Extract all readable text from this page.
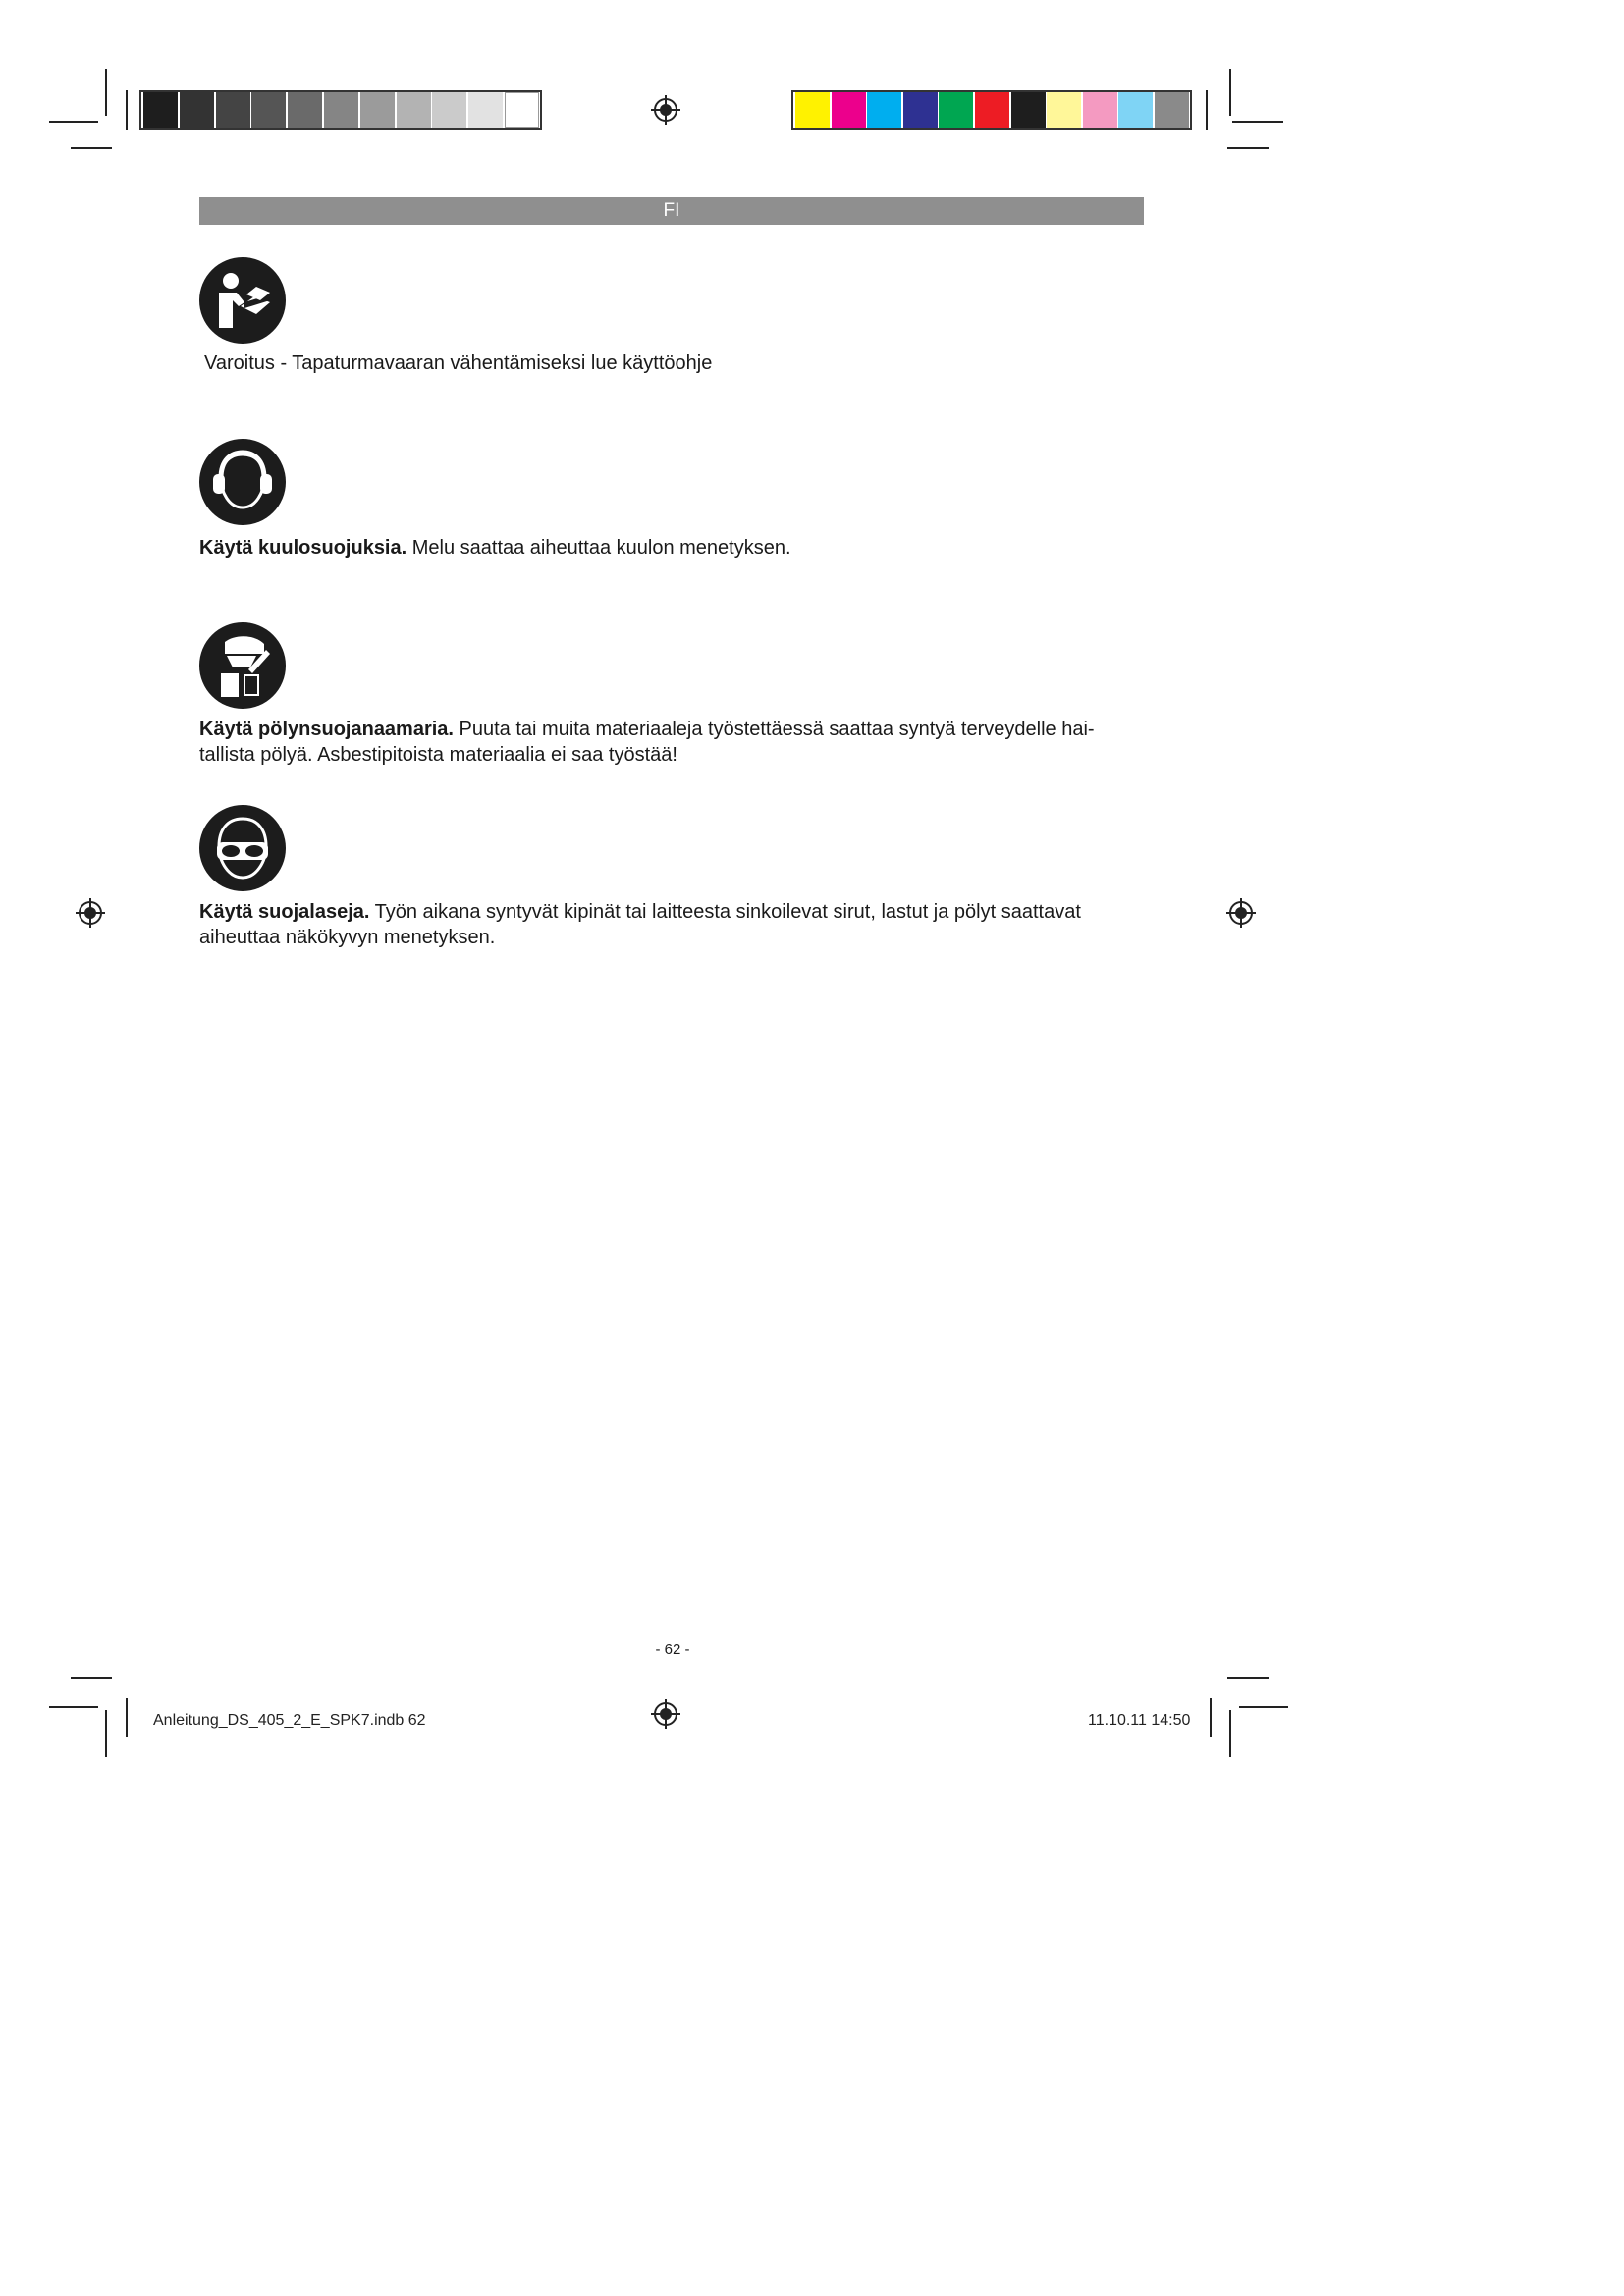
FI
Varoitus - Tapaturmavaaran vähentämiseksi lue käyttöohje
Käytä kuulosuojuksia. Melu saattaa aiheuttaa kuulon menetyksen.
Käytä pölynsuojanaamaria. Puuta tai muita materiaaleja työstettäessä saattaa syntyä terveydelle hai-
tallista pölyä. Asbestipitoista materiaalia ei saa työstää!
Käytä suojalaseja. Työn aikana syntyvät kipinät tai laitteesta sinkoilevat sirut, lastut ja pölyt saattavat
aiheuttaa näkökyvyn menetyksen.
- 62 -
Anleitung_DS_405_2_E_SPK7.indb 62	11.10.11 14:50
